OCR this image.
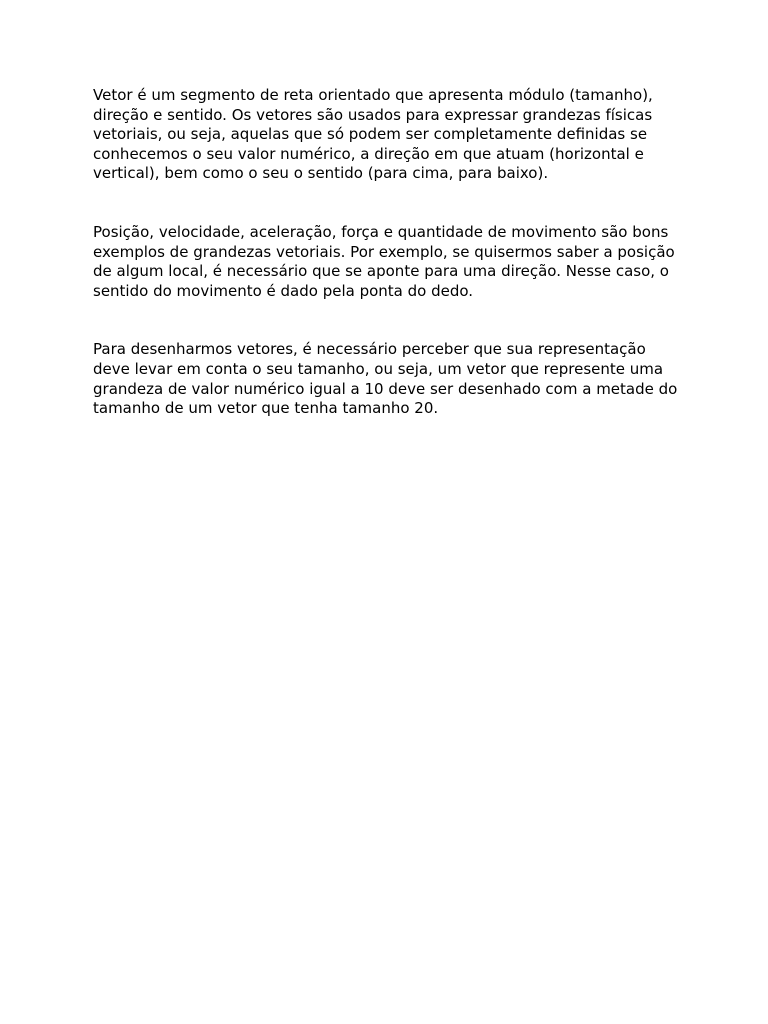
Vetor é um segmento de reta orientado que apresenta módulo (tamanho), direção e sentido. Os vetores são usados para expressar grandezas físicas vetoriais, ou seja, aquelas que só podem ser completamente definidas se conhecemos o seu valor numérico, a direção em que atuam (horizontal e vertical), bem como o seu o sentido (para cima, para baixo).

Posição, velocidade, aceleração, força e quantidade de movimento são bons exemplos de grandezas vetoriais. Por exemplo, se quisermos saber a posição de algum local, é necessário que se aponte para uma direção. Nesse caso, o sentido do movimento é dado pela ponta do dedo.

Para desenharmos vetores, é necessário perceber que sua representação deve levar em conta o seu tamanho, ou seja, um vetor que represente uma grandeza de valor numérico igual a 10 deve ser desenhado com a metade do tamanho de um vetor que tenha tamanho 20.
